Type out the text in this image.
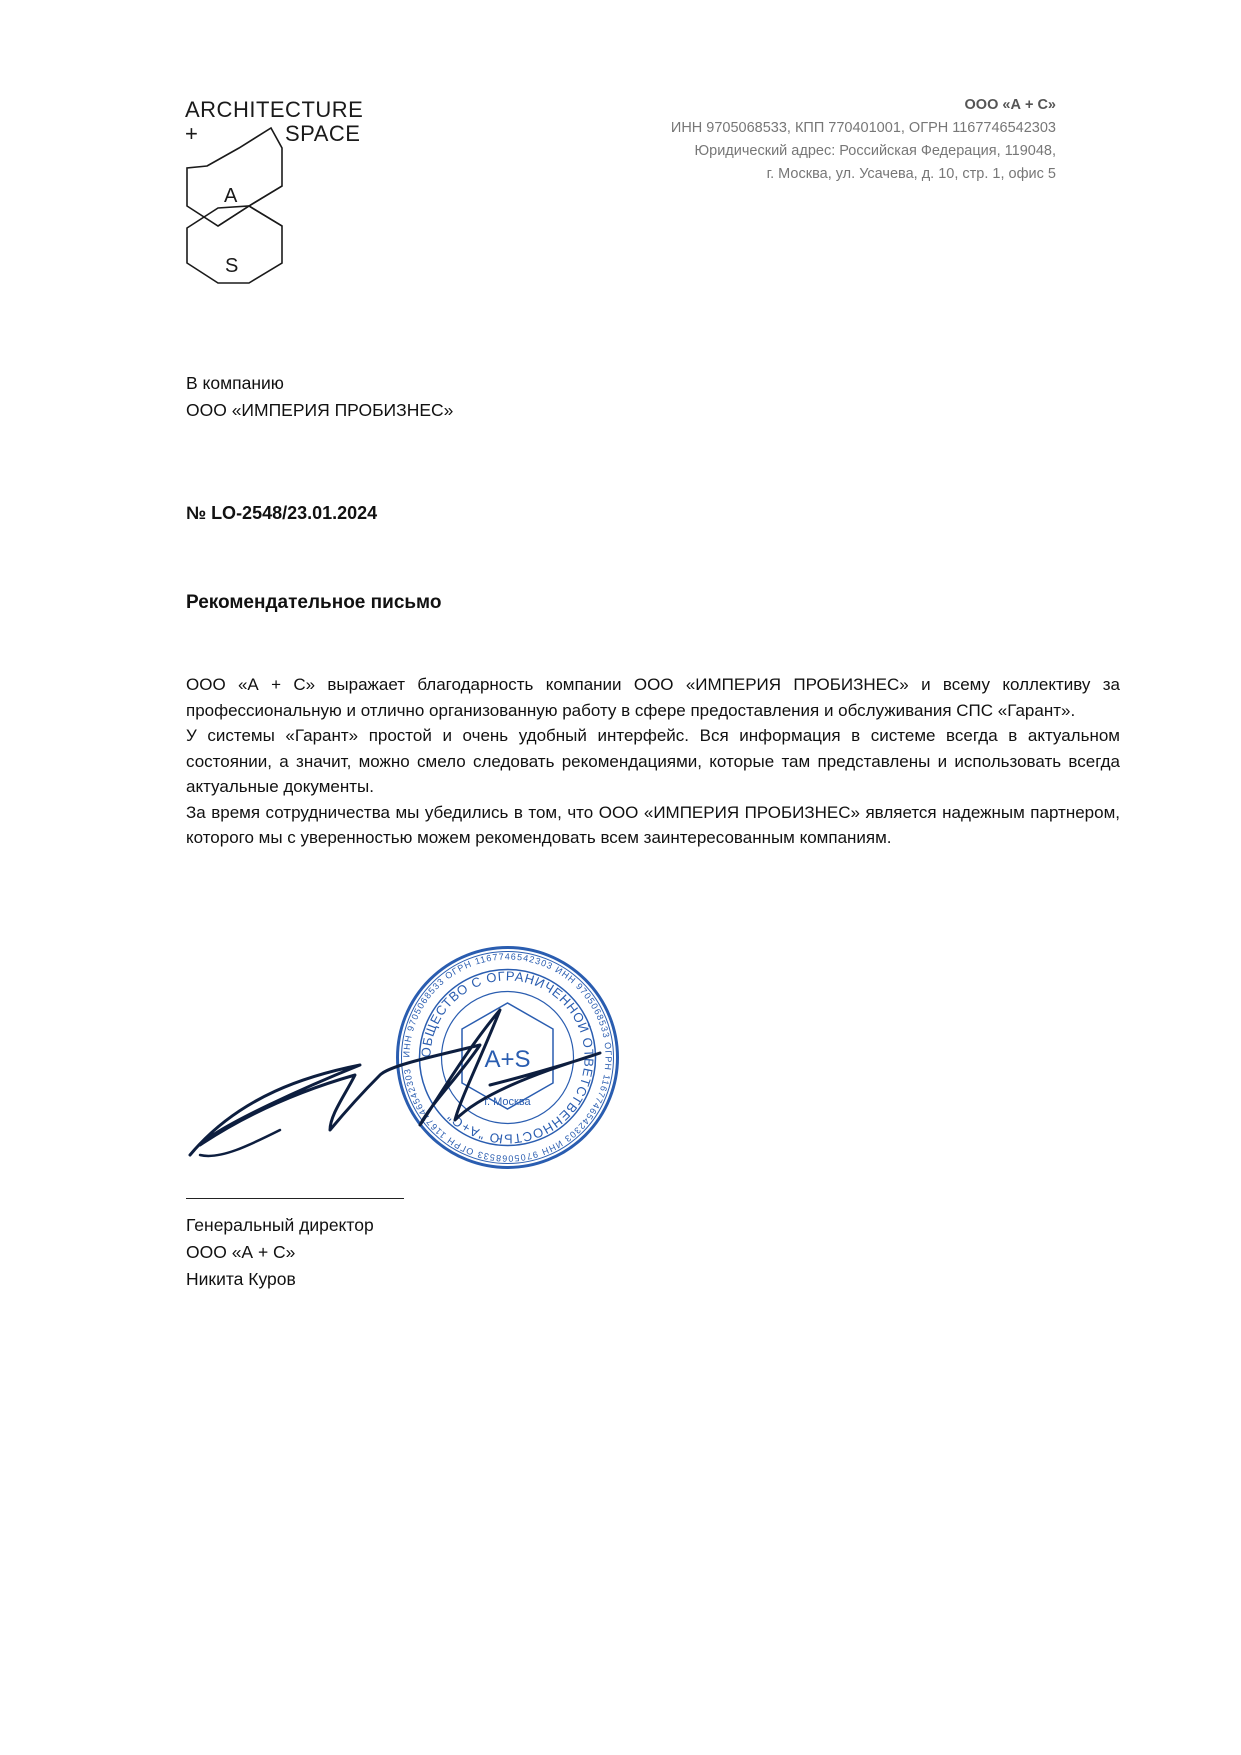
ARCHITECTURE
+	SPACE
A
S
ООО «А + С»
ИНН 9705068533, КПП 770401001, ОГРН 1167746542303
Юридический адрес: Российская Федерация, 119048,
г. Москва, ул. Усачева, д. 10, стр. 1, офис 5
В компанию
ООО «ИМПЕРИЯ ПРОБИЗНЕС»
№ LO-2548/23.01.2024
Рекомендательное письмо

ООО «А + С» выражает благодарность компании ООО «ИМПЕРИЯ ПРОБИЗНЕС» и всему коллективу за профессиональную и отлично организованную работу в сфере предоставления и обслуживания СПС «Гарант».

У системы «Гарант» простой и очень удобный интерфейс. Вся информация в системе всегда в актуальном состоянии, а значит, можно смело следовать рекомендациями, которые там представлены и использовать всегда актуальные документы.

За время сотрудничества мы убедились в том, что ООО «ИМПЕРИЯ ПРОБИЗНЕС» является надежным партнером, которого мы с уверенностью можем рекомендовать всем заинтересованным компаниям.

ИНН 9705068533 ОГРН 1167746542303 ИНН 9705068533 ОГРН 1167746542303 ИНН 9705068533 ОГРН 1167746542303
ОБЩЕСТВО С ОГРАНИЧЕННОЙ ОТВЕТСТВЕННОСТЬЮ "А+С"
A+S
г. Москва
Генеральный директор
ООО «А + С»
Никита Куров
